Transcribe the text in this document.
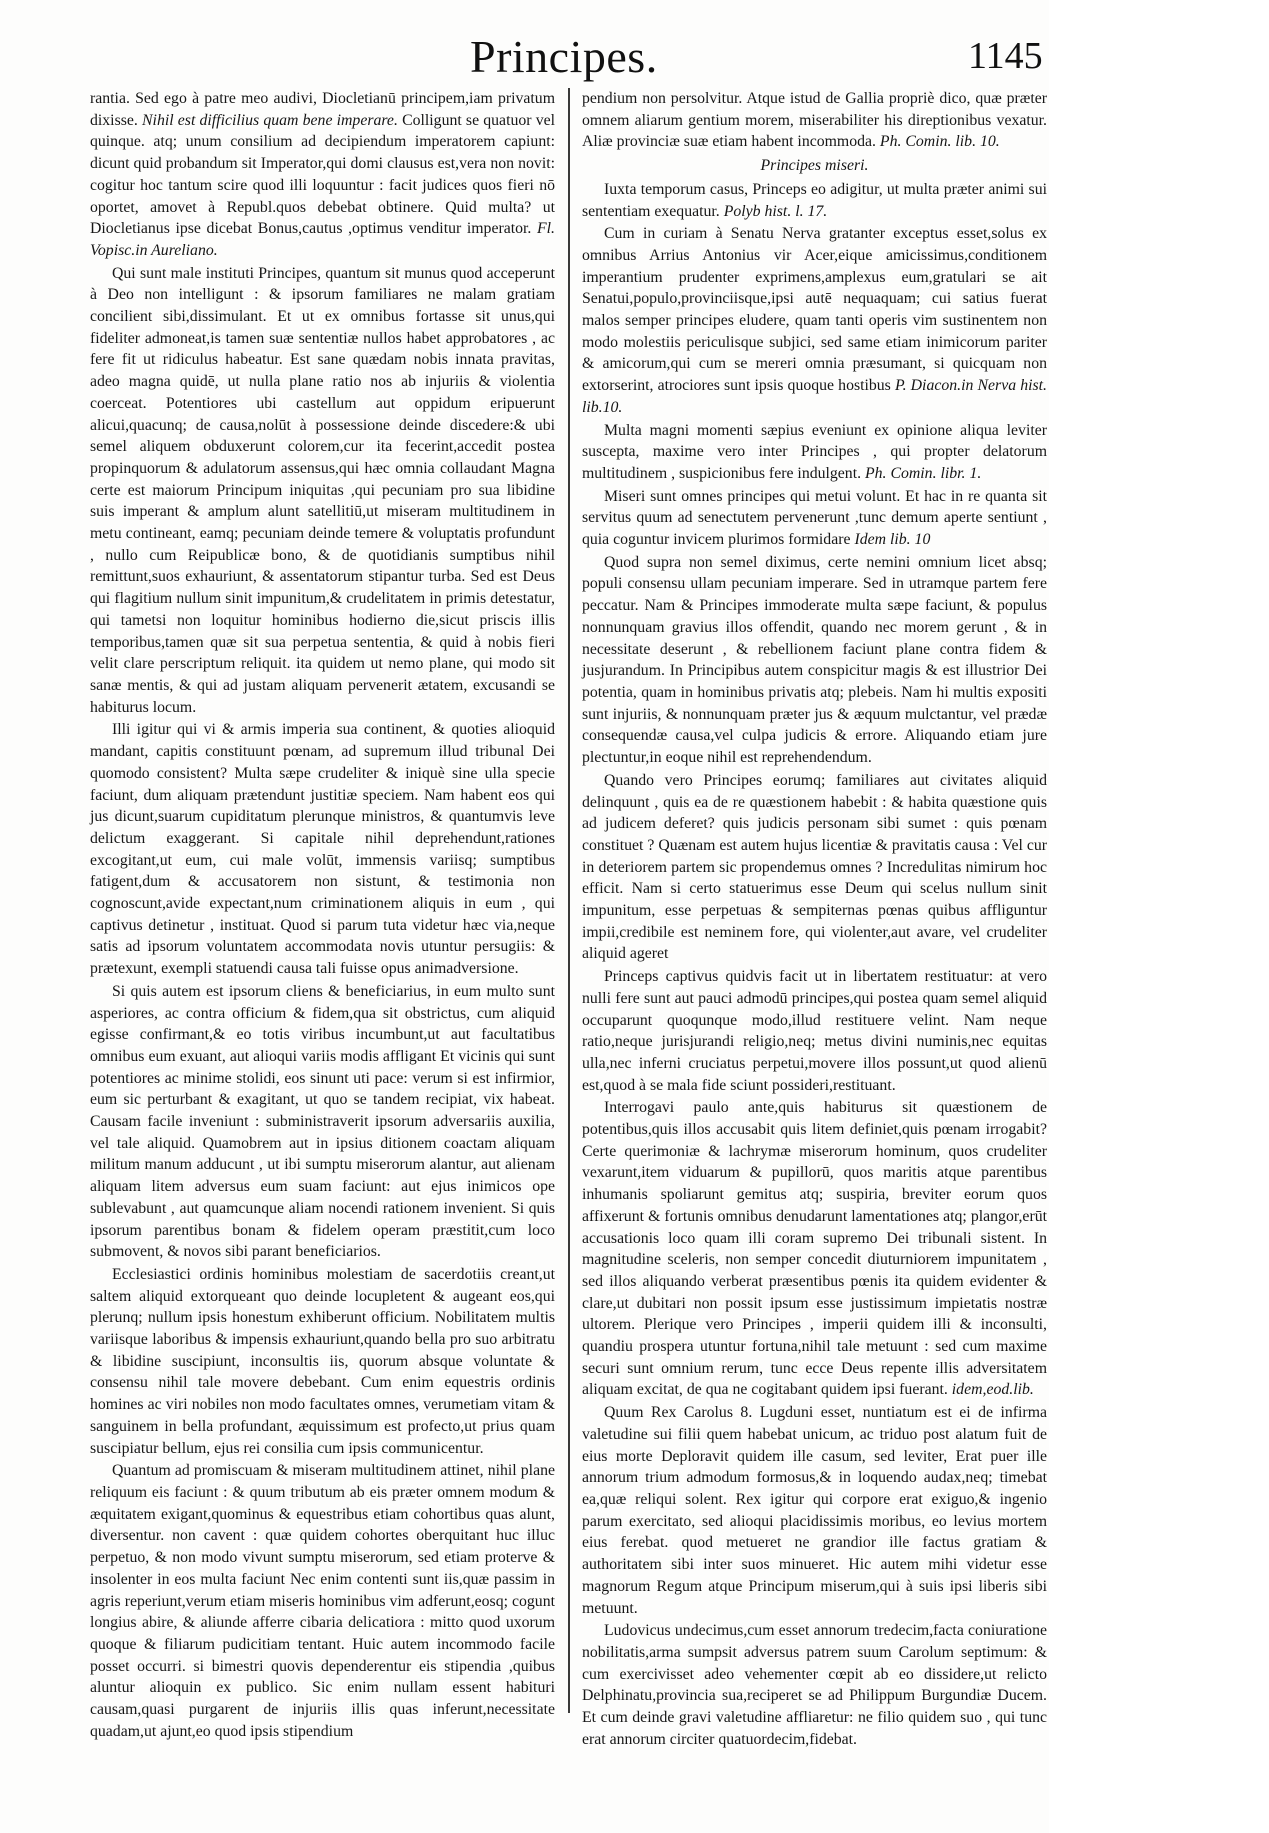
Principes.	1145

rantia. Sed ego à patre meo audivi, Diocletianū principem,iam privatum dixisse. Nihil est difficilius quam bene imperare. Colligunt se quatuor vel quinque. atq; unum consilium ad decipiendum imperatorem capiunt: dicunt quid probandum sit Imperator,qui domi clausus est,vera non novit: cogitur hoc tantum scire quod illi loquuntur : facit judices quos fieri nō oportet, amovet à Republ.quos debebat obtinere. Quid multa? ut Diocletianus ipse dicebat Bonus,cautus ,optimus venditur imperator. Fl. Vopisc.in Aureliano.

Qui sunt male instituti Principes, quantum sit munus quod acceperunt à Deo non intelligunt : & ipsorum familiares ne malam gratiam concilient sibi,dissimulant. Et ut ex omnibus fortasse sit unus,qui fideliter admoneat,is tamen suæ sententiæ nullos habet approbatores , ac fere fit ut ridiculus habeatur. Est sane quædam nobis innata pravitas, adeo magna quidē, ut nulla plane ratio nos ab injuriis & violentia coerceat. Potentiores ubi castellum aut oppidum eripuerunt alicui,quacunq; de causa,nolūt à possessione deinde discedere:& ubi semel aliquem obduxerunt colorem,cur ita fecerint,accedit postea propinquorum & adulatorum assensus,qui hæc omnia collaudant Magna certe est maiorum Principum iniquitas ,qui pecuniam pro sua libidine suis imperant & amplum alunt satellitiū,ut miseram multitudinem in metu contineant, eamq; pecuniam deinde temere & voluptatis profundunt , nullo cum Reipublicæ bono, & de quotidianis sumptibus nihil remittunt,suos exhauriunt, & assentatorum stipantur turba. Sed est Deus qui flagitium nullum sinit impunitum,& crudelitatem in primis detestatur, qui tametsi non loquitur hominibus hodierno die,sicut priscis illis temporibus,tamen quæ sit sua perpetua sententia, & quid à nobis fieri velit clare perscriptum reliquit. ita quidem ut nemo plane, qui modo sit sanæ mentis, & qui ad justam aliquam pervenerit ætatem, excusandi se habiturus locum.

Illi igitur qui vi & armis imperia sua continent, & quoties alioquid mandant, capitis constituunt pœnam, ad supremum illud tribunal Dei quomodo consistent? Multa sæpe crudeliter & iniquè sine ulla specie faciunt, dum aliquam prætendunt justitiæ speciem. Nam habent eos qui jus dicunt,suarum cupiditatum plerunque ministros, & quantumvis leve delictum exaggerant. Si capitale nihil deprehendunt,rationes excogitant,ut eum, cui male volūt, immensis variisq; sumptibus fatigent,dum & accusatorem non sistunt, & testimonia non cognoscunt,avide expectant,num criminationem aliquis in eum , qui captivus detinetur , instituat. Quod si parum tuta videtur hæc via,neque satis ad ipsorum voluntatem accommodata novis utuntur persugiis: & prætexunt, exempli statuendi causa tali fuisse opus animadversione.

Si quis autem est ipsorum cliens & beneficiarius, in eum multo sunt asperiores, ac contra officium & fidem,qua sit obstrictus, cum aliquid egisse confirmant,& eo totis viribus incumbunt,ut aut facultatibus omnibus eum exuant, aut alioqui variis modis affligant Et vicinis qui sunt potentiores ac minime stolidi, eos sinunt uti pace: verum si est infirmior, eum sic perturbant & exagitant, ut quo se tandem recipiat, vix habeat. Causam facile inveniunt : subministraverit ipsorum adversariis auxilia, vel tale aliquid. Quamobrem aut in ipsius ditionem coactam aliquam militum manum adducunt , ut ibi sumptu miserorum alantur, aut alienam aliquam litem adversus eum suam faciunt: aut ejus inimicos ope sublevabunt , aut quamcunque aliam nocendi rationem invenient. Si quis ipsorum parentibus bonam & fidelem operam præstitit,cum loco submovent, & novos sibi parant beneficiarios.

Ecclesiastici ordinis hominibus molestiam de sacerdotiis creant,ut saltem aliquid extorqueant quo deinde locupletent & augeant eos,qui plerunq; nullum ipsis honestum exhiberunt officium. Nobilitatem multis variisque laboribus & impensis exhauriunt,quando bella pro suo arbitratu & libidine suscipiunt, inconsultis iis, quorum absque voluntate & consensu nihil tale movere debebant. Cum enim equestris ordinis homines ac viri nobiles non modo facultates omnes, verumetiam vitam & sanguinem in bella profundant, æquissimum est profecto,ut prius quam suscipiatur bellum, ejus rei consilia cum ipsis communicentur.

Quantum ad promiscuam & miseram multitudinem attinet, nihil plane reliquum eis faciunt : & quum tributum ab eis præter omnem modum & æquitatem exigant,quominus & equestribus etiam cohortibus quas alunt, diversentur. non cavent : quæ quidem cohortes oberquitant huc illuc perpetuo, & non modo vivunt sumptu miserorum, sed etiam proterve & insolenter in eos multa faciunt Nec enim contenti sunt iis,quæ passim in agris reperiunt,verum etiam miseris hominibus vim adferunt,eosq; cogunt longius abire, & aliunde afferre cibaria delicatiora : mitto quod uxorum quoque & filiarum pudicitiam tentant. Huic autem incommodo facile posset occurri. si bimestri quovis dependerentur eis stipendia ,quibus aluntur alioquin ex publico. Sic enim nullam essent habituri causam,quasi purgarent de injuriis illis quas inferunt,necessitate quadam,ut ajunt,eo quod ipsis stipendium

pendium non persolvitur. Atque istud de Gallia propriè dico, quæ præter omnem aliarum gentium morem, miserabiliter his direptionibus vexatur. Aliæ provinciæ suæ etiam habent incommoda. Ph. Comin. lib. 10.

Principes miseri.

Iuxta temporum casus, Princeps eo adigitur, ut multa præter animi sui sententiam exequatur. Polyb hist. l. 17.

Cum in curiam à Senatu Nerva gratanter exceptus esset,solus ex omnibus Arrius Antonius vir Acer,eique amicissimus,conditionem imperantium prudenter exprimens,amplexus eum,gratulari se ait Senatui,populo,provinciisque,ipsi autē nequaquam; cui satius fuerat malos semper principes eludere, quam tanti operis vim sustinentem non modo molestiis periculisque subjici, sed same etiam inimicorum pariter & amicorum,qui cum se mereri omnia præsumant, si quicquam non extorserint, atrociores sunt ipsis quoque hostibus P. Diacon.in Nerva hist. lib.10.

Multa magni momenti sæpius eveniunt ex opinione aliqua leviter suscepta, maxime vero inter Principes , qui propter delatorum multitudinem , suspicionibus fere indulgent. Ph. Comin. libr. 1.

Miseri sunt omnes principes qui metui volunt. Et hac in re quanta sit servitus quum ad senectutem pervenerunt ,tunc demum aperte sentiunt , quia coguntur invicem plurimos formidare Idem lib. 10

Quod supra non semel diximus, certe nemini omnium licet absq; populi consensu ullam pecuniam imperare. Sed in utramque partem fere peccatur. Nam & Principes immoderate multa sæpe faciunt, & populus nonnunquam gravius illos offendit, quando nec morem gerunt , & in necessitate deserunt , & rebellionem faciunt plane contra fidem & jusjurandum. In Principibus autem conspicitur magis & est illustrior Dei potentia, quam in hominibus privatis atq; plebeis. Nam hi multis expositi sunt injuriis, & nonnunquam præter jus & æquum mulctantur, vel prædæ consequendæ causa,vel culpa judicis & errore. Aliquando etiam jure plectuntur,in eoque nihil est reprehendendum.

Quando vero Principes eorumq; familiares aut civitates aliquid delinquunt , quis ea de re quæstionem habebit : & habita quæstione quis ad judicem deferet? quis judicis personam sibi sumet : quis pœnam constituet ? Quænam est autem hujus licentiæ & pravitatis causa : Vel cur in deteriorem partem sic propendemus omnes ? Incredulitas nimirum hoc efficit. Nam si certo statuerimus esse Deum qui scelus nullum sinit impunitum, esse perpetuas & sempiternas pœnas quibus affliguntur impii,credibile est neminem fore, qui violenter,aut avare, vel crudeliter aliquid ageret

Princeps captivus quidvis facit ut in libertatem restituatur: at vero nulli fere sunt aut pauci admodū principes,qui postea quam semel aliquid occuparunt quoqunque modo,illud restituere velint. Nam neque ratio,neque jurisjurandi religio,neq; metus divini numinis,nec equitas ulla,nec inferni cruciatus perpetui,movere illos possunt,ut quod alienū est,quod à se mala fide sciunt possideri,restituant.

Interrogavi paulo ante,quis habiturus sit quæstionem de potentibus,quis illos accusabit quis litem definiet,quis pœnam irrogabit? Certe querimoniæ & lachrymæ miserorum hominum, quos crudeliter vexarunt,item viduarum & pupillorū, quos maritis atque parentibus inhumanis spoliarunt gemitus atq; suspiria, breviter eorum quos affixerunt & fortunis omnibus denudarunt lamentationes atq; plangor,erūt accusationis loco quam illi coram supremo Dei tribunali sistent. In magnitudine sceleris, non semper concedit diuturniorem impunitatem , sed illos aliquando verberat præsentibus pœnis ita quidem evidenter & clare,ut dubitari non possit ipsum esse justissimum impietatis nostræ ultorem. Plerique vero Principes , imperii quidem illi & inconsulti, quandiu prospera utuntur fortuna,nihil tale metuunt : sed cum maxime securi sunt omnium rerum, tunc ecce Deus repente illis adversitatem aliquam excitat, de qua ne cogitabant quidem ipsi fuerant. idem,eod.lib.

Quum Rex Carolus 8. Lugduni esset, nuntiatum est ei de infirma valetudine sui filii quem habebat unicum, ac triduo post alatum fuit de eius morte Deploravit quidem ille casum, sed leviter, Erat puer ille annorum trium admodum formosus,& in loquendo audax,neq; timebat ea,quæ reliqui solent. Rex igitur qui corpore erat exiguo,& ingenio parum exercitato, sed alioqui placidissimis moribus, eo levius mortem eius ferebat. quod metueret ne grandior ille factus gratiam & authoritatem sibi inter suos minueret. Hic autem mihi videtur esse magnorum Regum atque Principum miserum,qui à suis ipsi liberis sibi metuunt.

Ludovicus undecimus,cum esset annorum tredecim,facta coniuratione nobilitatis,arma sumpsit adversus patrem suum Carolum septimum: & cum exercivisset adeo vehementer cœpit ab eo dissidere,ut relicto Delphinatu,provincia sua,reciperet se ad Philippum Burgundiæ Ducem. Et cum deinde gravi valetudine affliaretur: ne filio quidem suo , qui tunc erat annorum circiter quatuordecim,fidebat.
